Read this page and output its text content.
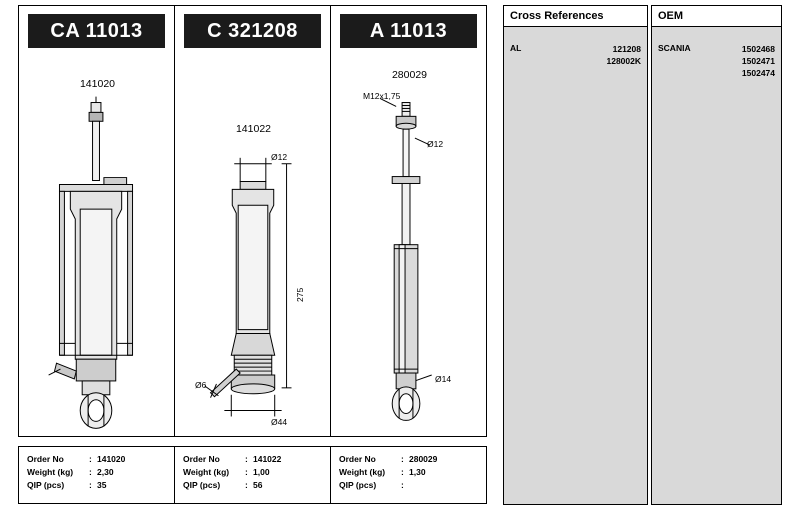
CA 11013
141020
C 321208
141022
Ø12
275
Ø6
Ø44
A 11013
280029
M12x1,75
Ø12
Ø14
Order No	: 141020
Weight (kg)	: 2,30
QIP (pcs)	: 35
Order No	: 141022
Weight (kg)	: 1,00
QIP (pcs)	: 56
Order No	: 280029
Weight (kg)	: 1,30
QIP (pcs)	:
Cross References
AL	121208
128002K
OEM
SCANIA	1502468
1502471
1502474
